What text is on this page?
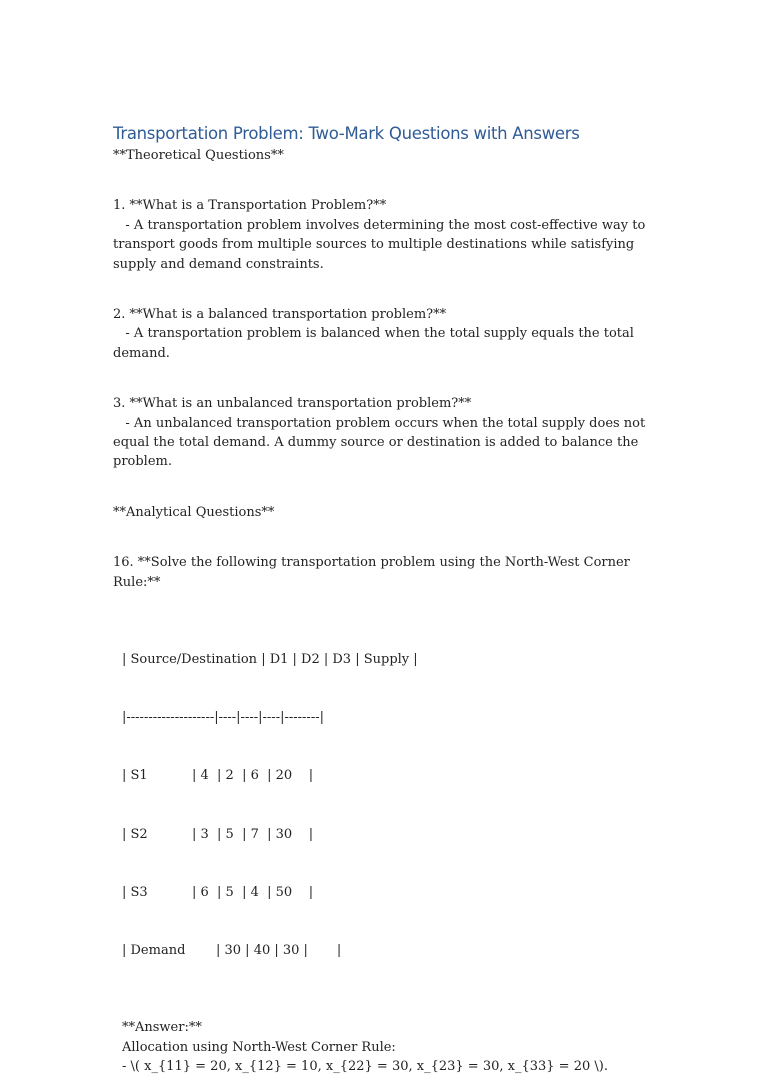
Transportation Problem: Two-Mark Questions with Answers

**Theoretical Questions**

1. **What is a Transportation Problem?**

- A transportation problem involves determining the most cost-effective way to transport goods from multiple sources to multiple destinations while satisfying supply and demand constraints.

2. **What is a balanced transportation problem?**

- A transportation problem is balanced when the total supply equals the total demand.

3. **What is an unbalanced transportation problem?**

- An unbalanced transportation problem occurs when the total supply does not equal the total demand. A dummy source or destination is added to balance the problem.

**Analytical Questions**

16. **Solve the following transportation problem using the North-West Corner Rule:**

| Source/Destination | D1 | D2 | D3 | Supply |

|--------------------|----|----|----|--------|

| S1	| 4  | 2  | 6  | 20    |

| S2	| 3  | 5  | 7  | 30    |

| S3	| 6  | 5  | 4  | 50    |

| Demand | 30 | 40 | 30 |       |

**Answer:**

Allocation using North-West Corner Rule:

- \( x_{11} = 20, x_{12} = 10, x_{22} = 30, x_{23} = 30, x_{33} = 20 \).
